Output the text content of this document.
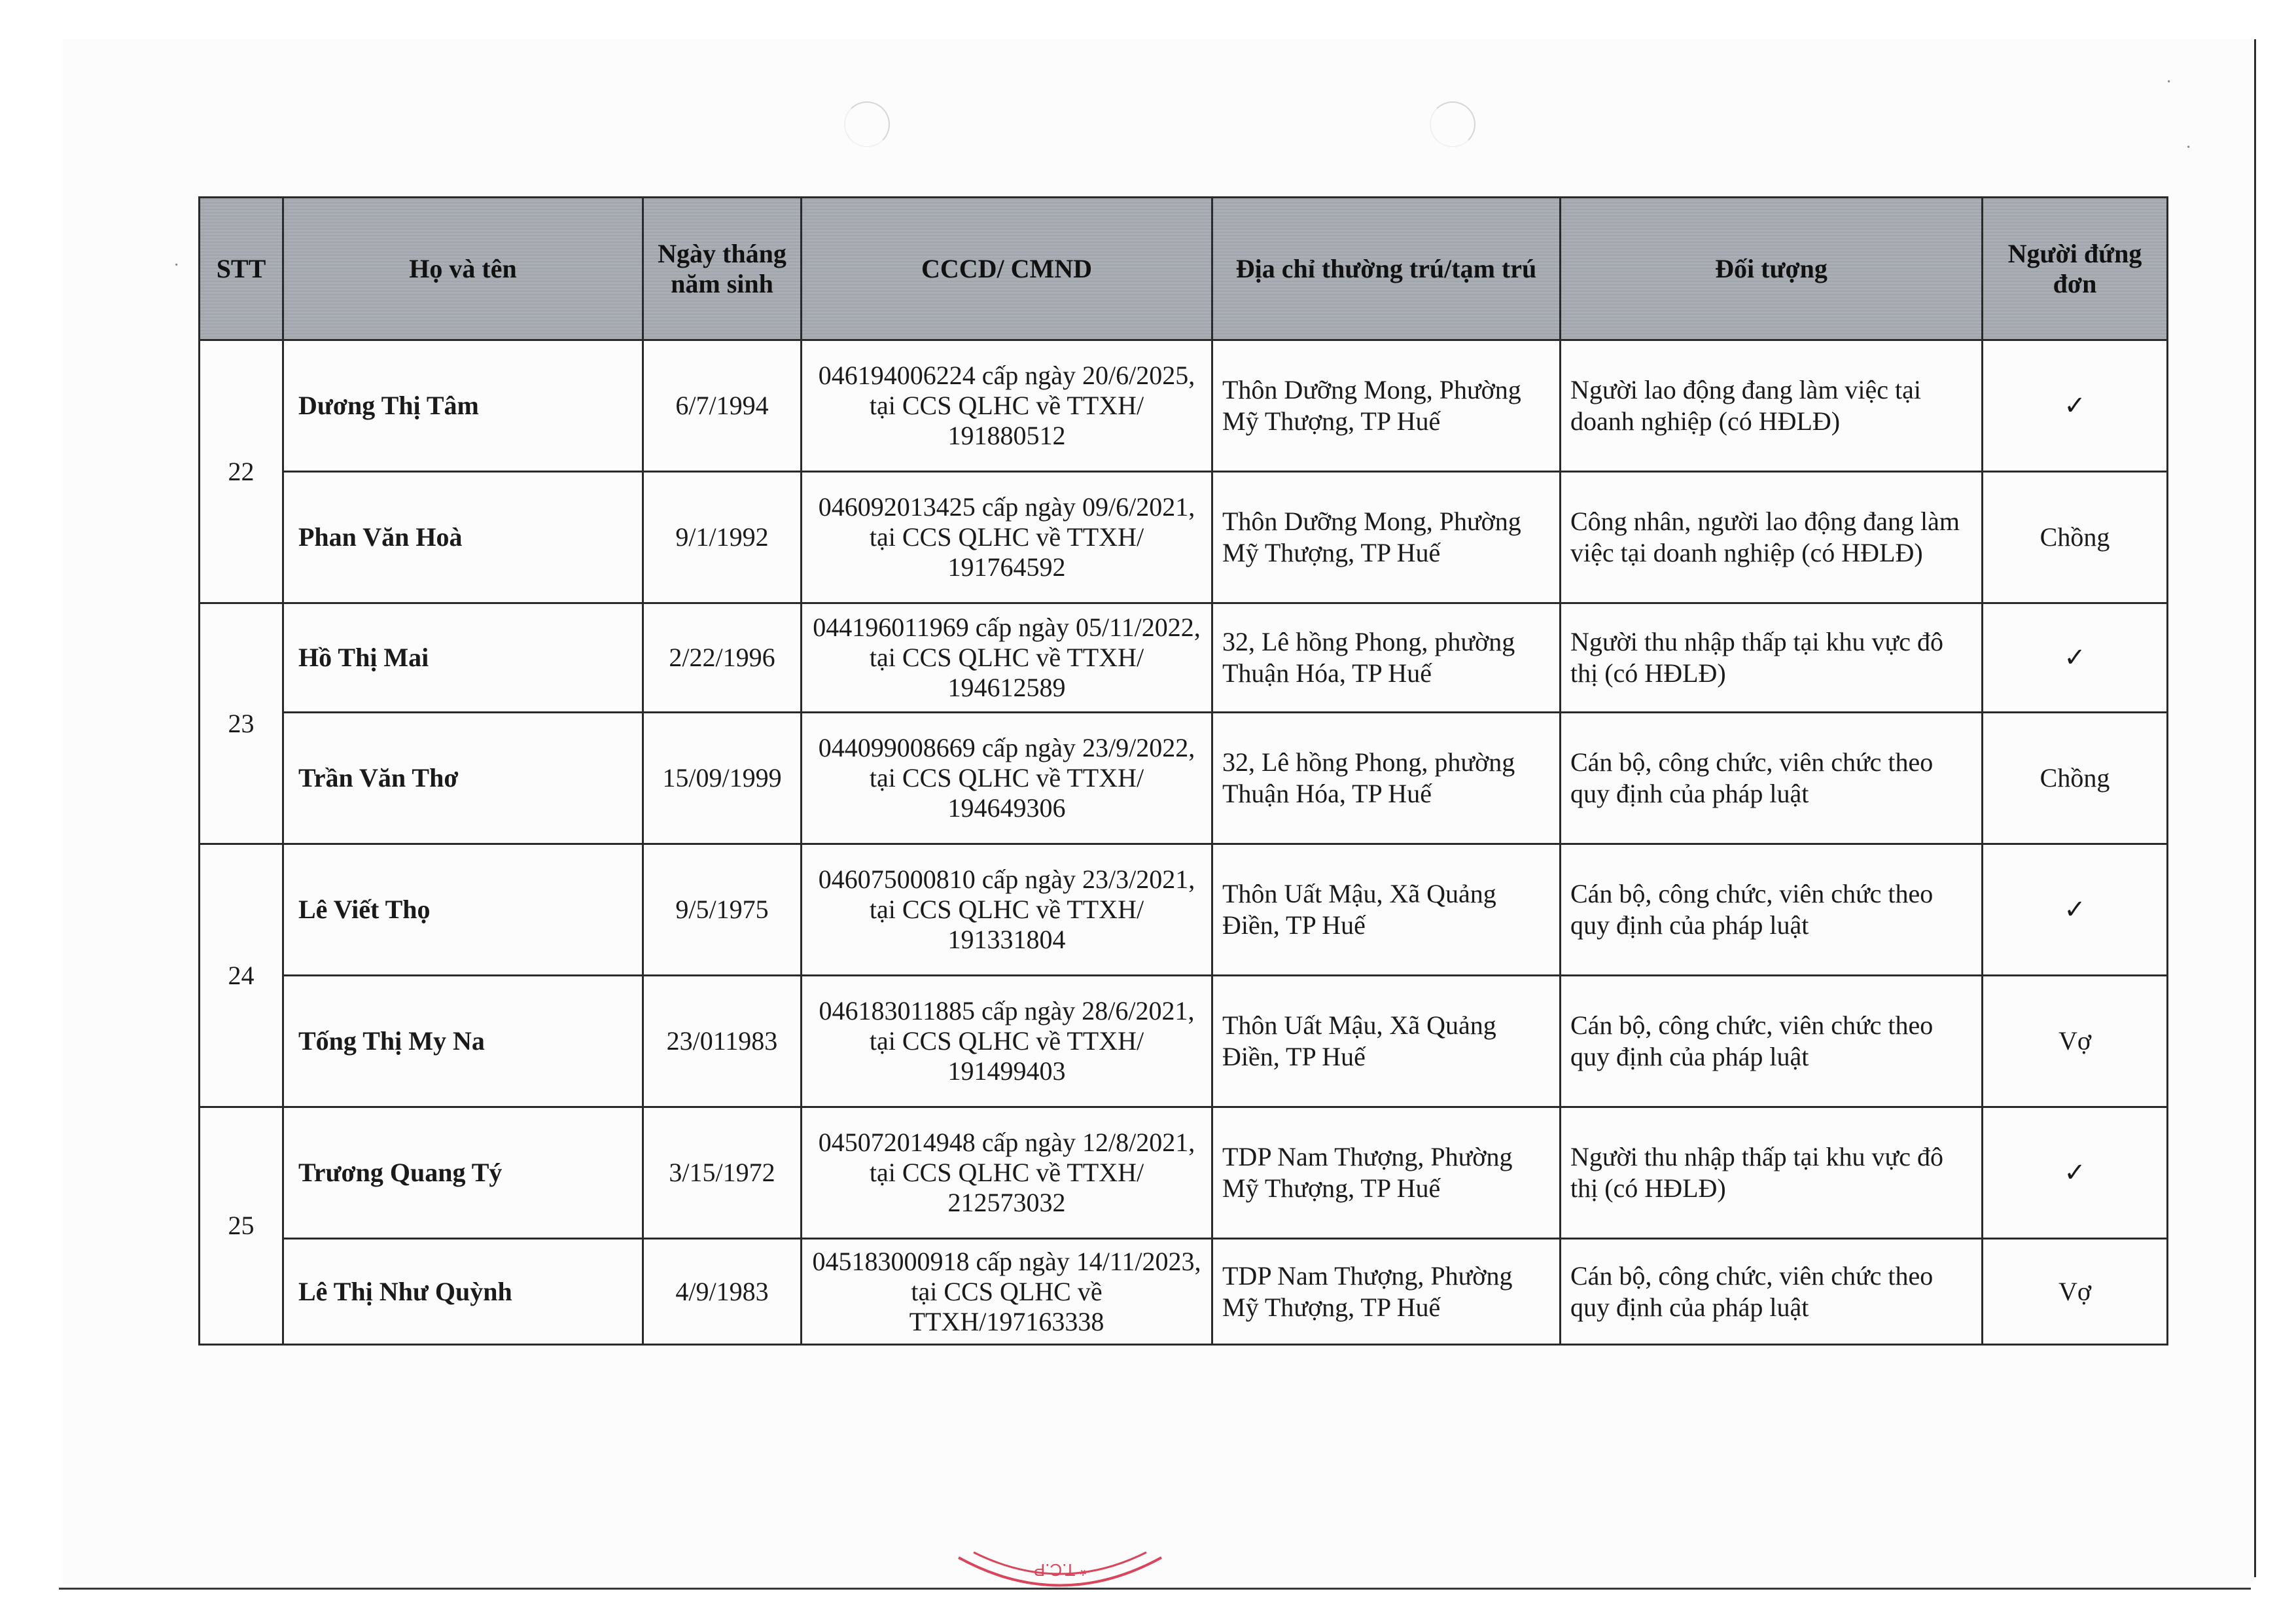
·
·
· STT	Họ và tên	Ngày tháng năm sinh	CCCD/ CMND	Địa chỉ thường trú/tạm trú	Đối tượng	Người đứng đơn
22	Dương Thị Tâm	6/7/1994	046194006224 cấp ngày 20/6/2025, tại CCS QLHC về TTXH/ 191880512	Thôn Dưỡng Mong, Phường Mỹ Thượng, TP Huế	Người lao động đang làm việc tại doanh nghiệp (có HĐLĐ)	✓
	Phan Văn Hoà	9/1/1992	046092013425 cấp ngày 09/6/2021, tại CCS QLHC về TTXH/ 191764592	Thôn Dưỡng Mong, Phường Mỹ Thượng, TP Huế	Công nhân, người lao động đang làm việc tại doanh nghiệp (có HĐLĐ)	Chồng
23	Hồ Thị Mai	2/22/1996	044196011969 cấp ngày 05/11/2022, tại CCS QLHC về TTXH/ 194612589	32, Lê hồng Phong, phường Thuận Hóa, TP Huế	Người thu nhập thấp tại khu vực đô thị (có HĐLĐ)	✓
	Trần Văn Thơ	15/09/1999	044099008669 cấp ngày 23/9/2022, tại CCS QLHC về TTXH/ 194649306	32, Lê hồng Phong, phường Thuận Hóa, TP Huế	Cán bộ, công chức, viên chức theo quy định của pháp luật	Chồng
24	Lê Viết Thọ	9/5/1975	046075000810 cấp ngày 23/3/2021, tại CCS QLHC về TTXH/ 191331804	Thôn Uất Mậu, Xã Quảng Điền, TP Huế	Cán bộ, công chức, viên chức theo quy định của pháp luật	✓
	Tống Thị My Na	23/011983	046183011885 cấp ngày 28/6/2021, tại CCS QLHC về TTXH/ 191499403	Thôn Uất Mậu, Xã Quảng Điền, TP Huế	Cán bộ, công chức, viên chức theo quy định của pháp luật	Vợ
25	Trương Quang Tý	3/15/1972	045072014948 cấp ngày 12/8/2021, tại CCS QLHC về TTXH/ 212573032	TDP Nam Thượng, Phường Mỹ Thượng, TP Huế	Người thu nhập thấp tại khu vực đô thị (có HĐLĐ)	✓
	Lê Thị Như Quỳnh	4/9/1983	045183000918 cấp ngày 14/11/2023, tại CCS QLHC về TTXH/197163338	TDP Nam Thượng, Phường Mỹ Thượng, TP Huế	Cán bộ, công chức, viên chức theo quy định của pháp luật	Vợ
* T.C.P
